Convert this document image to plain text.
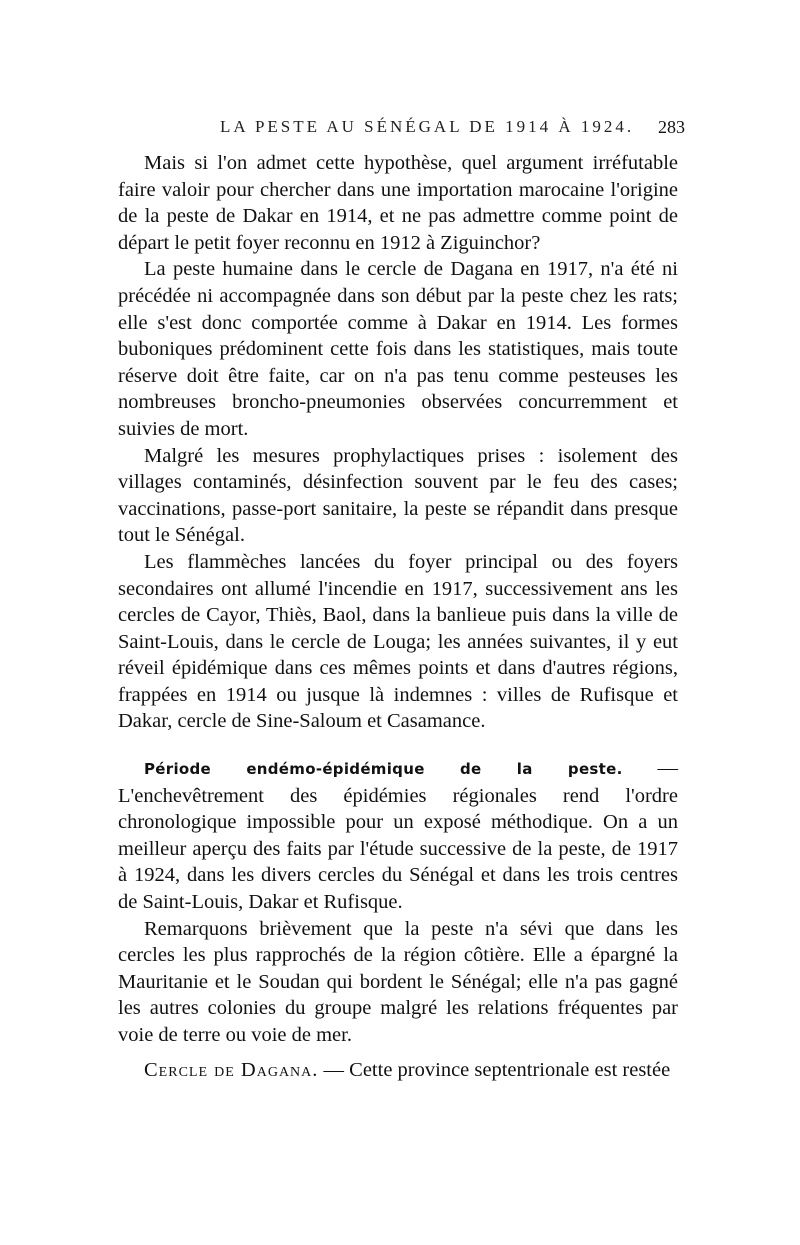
LA PESTE AU SÉNÉGAL DE 1914 À 1924. 283

Mais si l'on admet cette hypothèse, quel argument irréfutable faire valoir pour chercher dans une importation marocaine l'origine de la peste de Dakar en 1914, et ne pas admettre comme point de départ le petit foyer reconnu en 1912 à Ziguinchor?

La peste humaine dans le cercle de Dagana en 1917, n'a été ni précédée ni accompagnée dans son début par la peste chez les rats; elle s'est donc comportée comme à Dakar en 1914. Les formes buboniques prédominent cette fois dans les statistiques, mais toute réserve doit être faite, car on n'a pas tenu comme pesteuses les nombreuses broncho-pneumonies observées concurremment et suivies de mort.

Malgré les mesures prophylactiques prises : isolement des villages contaminés, désinfection souvent par le feu des cases; vaccinations, passe-port sanitaire, la peste se répandit dans presque tout le Sénégal.

Les flammèches lancées du foyer principal ou des foyers secondaires ont allumé l'incendie en 1917, successivement ans les cercles de Cayor, Thiès, Baol, dans la banlieue puis dans la ville de Saint-Louis, dans le cercle de Louga; les années suivantes, il y eut réveil épidémique dans ces mêmes points et dans d'autres régions, frappées en 1914 ou jusque là indemnes : villes de Rufisque et Dakar, cercle de Sine-Saloum et Casamance.

Période endémo-épidémique de la peste. — L'enchevêtrement des épidémies régionales rend l'ordre chronologique impossible pour un exposé méthodique. On a un meilleur aperçu des faits par l'étude successive de la peste, de 1917 à 1924, dans les divers cercles du Sénégal et dans les trois centres de Saint-Louis, Dakar et Rufisque.

Remarquons brièvement que la peste n'a sévi que dans les cercles les plus rapprochés de la région côtière. Elle a épargné la Mauritanie et le Soudan qui bordent le Sénégal; elle n'a pas gagné les autres colonies du groupe malgré les relations fréquentes par voie de terre ou voie de mer.

Cercle de Dagana. — Cette province septentrionale est restée
